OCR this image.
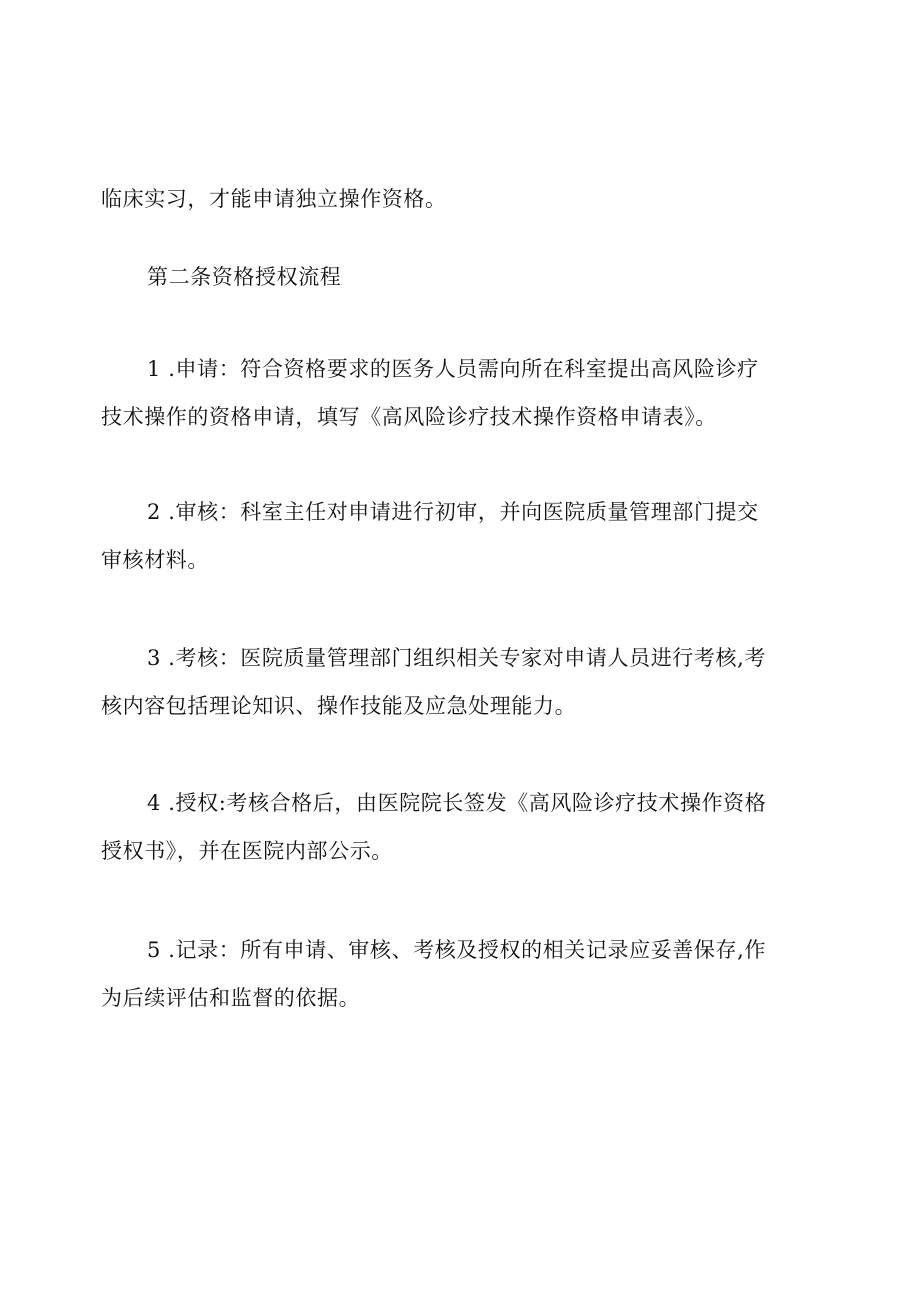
临床实习，才能申请独立操作资格。
第二条资格授权流程
1 .申请：符合资格要求的医务人员需向所在科室提出高风险诊疗
技术操作的资格申请，填写《高风险诊疗技术操作资格申请表》。
2 .审核：科室主任对申请进行初审，并向医院质量管理部门提交
审核材料。
3 .考核：医院质量管理部门组织相关专家对申请人员进行考核,考
核内容包括理论知识、操作技能及应急处理能力。
4 .授权:考核合格后，由医院院长签发《高风险诊疗技术操作资格
授权书》，并在医院内部公示。
5 .记录：所有申请、审核、考核及授权的相关记录应妥善保存,作
为后续评估和监督的依据。
